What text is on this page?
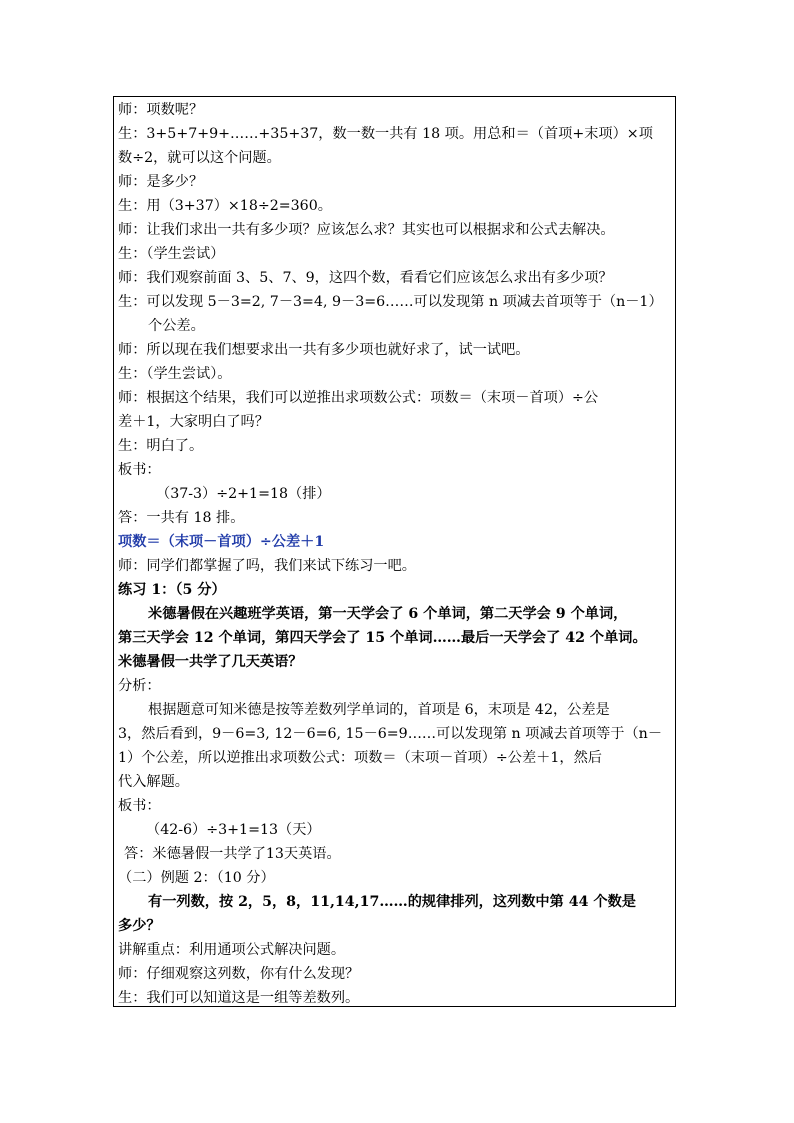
师：项数呢？
生：3+5+7+9+……+35+37，数一数一共有 18 项。用总和＝（首项+末项）×项
数÷2，就可以这个问题。
师：是多少？
生：用（3+37）×18÷2=360。
师：让我们求出一共有多少项？应该怎么求？其实也可以根据求和公式去解决。
生：（学生尝试）
师：我们观察前面 3、5、7、9，这四个数，看看它们应该怎么求出有多少项？
生：可以发现 5－3=2, 7－3=4, 9－3=6……可以发现第 n 项减去首项等于（n－1）
个公差。
师：所以现在我们想要求出一共有多少项也就好求了，试一试吧。
生：（学生尝试）。
师：根据这个结果，我们可以逆推出求项数公式：项数＝（末项－首项）÷公
差＋1，大家明白了吗？
生：明白了。
板书：
（37-3）÷2+1=18（排）
答：一共有 18 排。
项数＝（末项－首项）÷公差＋1
师：同学们都掌握了吗，我们来试下练习一吧。
练习 1：（5 分）
米德暑假在兴趣班学英语，第一天学会了 6 个单词，第二天学会 9 个单词，
第三天学会 12 个单词，第四天学会了 15 个单词……最后一天学会了 42 个单词。
米德暑假一共学了几天英语？
分析：
根据题意可知米德是按等差数列学单词的，首项是 6，末项是 42，公差是
3，然后看到，9－6=3, 12－6=6, 15－6=9……可以发现第 n 项减去首项等于（n－
1）个公差，所以逆推出求项数公式：项数＝（末项－首项）÷公差＋1，然后
代入解题。
板书：
（42-6）÷3+1=13（天）
答：米德暑假一共学了13天英语。
（二）例题 2：（10 分）
有一列数，按 2，5，8，11,14,17……的规律排列，这列数中第 44 个数是
多少？
讲解重点：利用通项公式解决问题。
师：仔细观察这列数，你有什么发现？
生：我们可以知道这是一组等差数列。
